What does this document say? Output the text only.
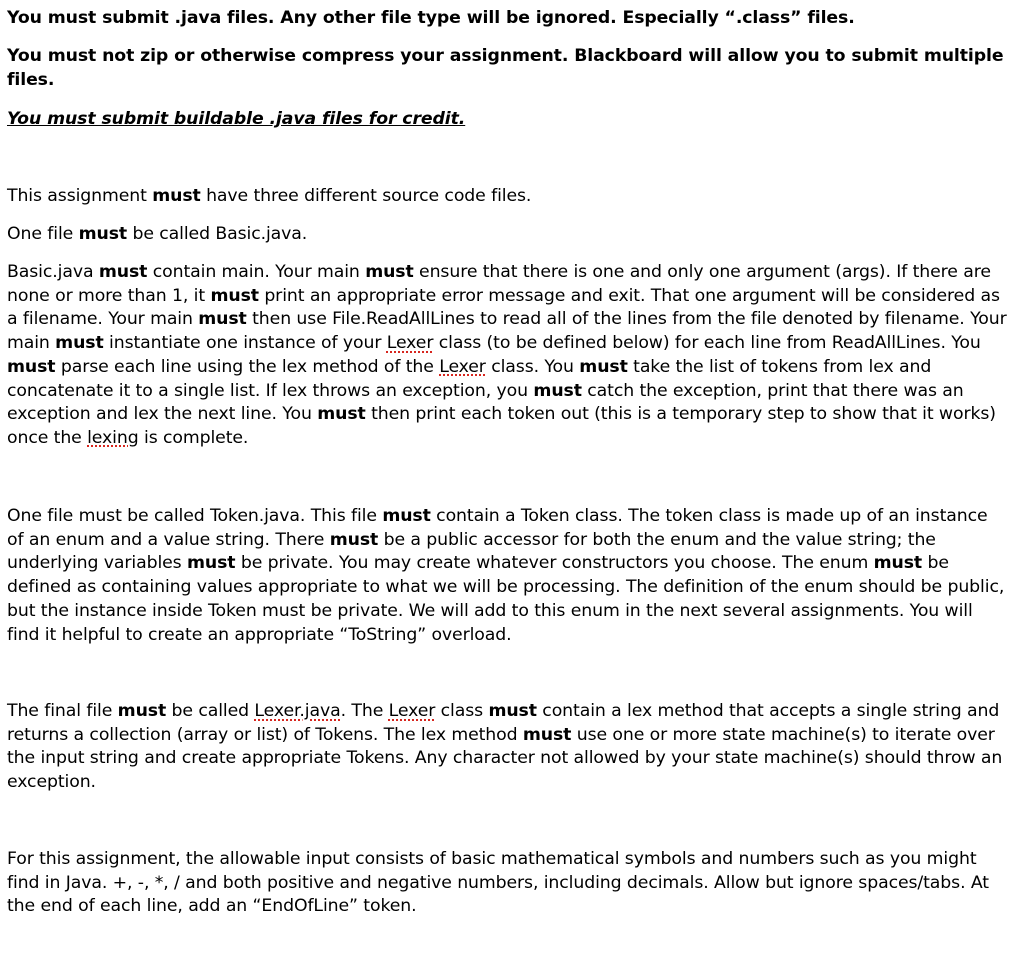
You must submit .java files. Any other file type will be ignored. Especially “.class” files.

You must not zip or otherwise compress your assignment. Blackboard will allow you to submit multiple files.

You must submit buildable .java files for credit.

This assignment must have three different source code files.

One file must be called Basic.java.

Basic.java must contain main. Your main must ensure that there is one and only one argument (args). If there are none or more than 1, it must print an appropriate error message and exit. That one argument will be considered as a filename. Your main must then use File.ReadAllLines to read all of the lines from the file denoted by filename. Your main must instantiate one instance of your Lexer class (to be defined below) for each line from ReadAllLines. You must parse each line using the lex method of the Lexer class. You must take the list of tokens from lex and concatenate it to a single list. If lex throws an exception, you must catch the exception, print that there was an exception and lex the next line. You must then print each token out (this is a temporary step to show that it works) once the lexing is complete.

One file must be called Token.java. This file must contain a Token class. The token class is made up of an instance of an enum and a value string. There must be a public accessor for both the enum and the value string; the underlying variables must be private. You may create whatever constructors you choose. The enum must be defined as containing values appropriate to what we will be processing. The definition of the enum should be public, but the instance inside Token must be private. We will add to this enum in the next several assignments. You will find it helpful to create an appropriate “ToString” overload.

The final file must be called Lexer.java. The Lexer class must contain a lex method that accepts a single string and returns a collection (array or list) of Tokens. The lex method must use one or more state machine(s) to iterate over the input string and create appropriate Tokens. Any character not allowed by your state machine(s) should throw an exception.

For this assignment, the allowable input consists of basic mathematical symbols and numbers such as you might find in Java. +, -, *, / and both positive and negative numbers, including decimals. Allow but ignore spaces/tabs. At the end of each line, add an “EndOfLine” token.
